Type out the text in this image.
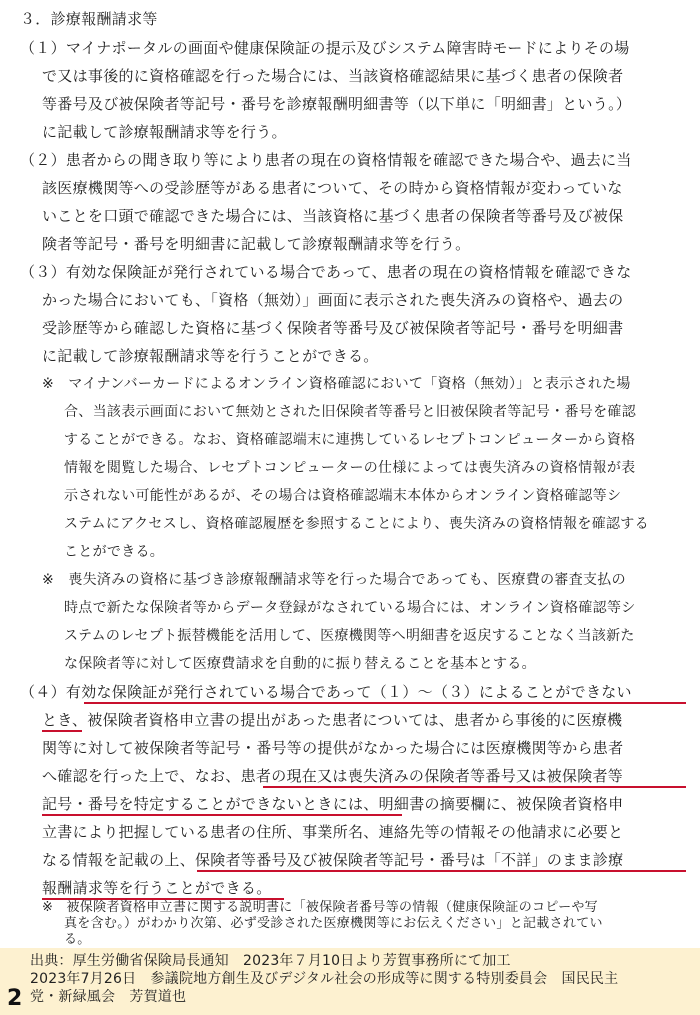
３．診療報酬請求等
（１）マイナポータルの画面や健康保険証の提示及びシステム障害時モードによりその場
で又は事後的に資格確認を行った場合には、当該資格確認結果に基づく患者の保険者
等番号及び被保険者等記号・番号を診療報酬明細書等（以下単に「明細書」という。）
に記載して診療報酬請求等を行う。
（２）患者からの聞き取り等により患者の現在の資格情報を確認できた場合や、過去に当
該医療機関等への受診歴等がある患者について、その時から資格情報が変わっていな
いことを口頭で確認できた場合には、当該資格に基づく患者の保険者等番号及び被保
険者等記号・番号を明細書に記載して診療報酬請求等を行う。
（３）有効な保険証が発行されている場合であって、患者の現在の資格情報を確認できな
かった場合においても、「資格（無効）」画面に表示された喪失済みの資格や、過去の
受診歴等から確認した資格に基づく保険者等番号及び被保険者等記号・番号を明細書
に記載して診療報酬請求等を行うことができる。
※　マイナンバーカードによるオンライン資格確認において「資格（無効）」と表示された場
合、当該表示画面において無効とされた旧保険者等番号と旧被保険者等記号・番号を確認
することができる。なお、資格確認端末に連携しているレセプトコンピューターから資格
情報を閲覧した場合、レセプトコンピューターの仕様によっては喪失済みの資格情報が表
示されない可能性があるが、その場合は資格確認端末本体からオンライン資格確認等シ
ステムにアクセスし、資格確認履歴を参照することにより、喪失済みの資格情報を確認する
ことができる。
※　喪失済みの資格に基づき診療報酬請求等を行った場合であっても、医療費の審査支払の
時点で新たな保険者等からデータ登録がなされている場合には、オンライン資格確認等シ
ステムのレセプト振替機能を活用して、医療機関等へ明細書を返戻することなく当該新た
な保険者等に対して医療費請求を自動的に振り替えることを基本とする。
（４）有効な保険証が発行されている場合であって（１）～（３）によることができない
とき、被保険者資格申立書の提出があった患者については、患者から事後的に医療機
関等に対して被保険者等記号・番号等の提供がなかった場合には医療機関等から患者
へ確認を行った上で、なお、患者の現在又は喪失済みの保険者等番号又は被保険者等
記号・番号を特定することができないときには、明細書の摘要欄に、被保険者資格申
立書により把握している患者の住所、事業所名、連絡先等の情報その他請求に必要と
なる情報を記載の上、保険者等番号及び被保険者等記号・番号は「不詳」のまま診療
報酬請求等を行うことができる。
※　被保険者資格申立書に関する説明書に「被保険者番号等の情報（健康保険証のコピーや写
真を含む。）がわかり次第、必ず受診された医療機関等にお伝えください」と記載されてい
る。
出典：厚生労働省保険局長通知　2023年７月10日より芳賀事務所にて加工
2023年7月26日　参議院地方創生及びデジタル社会の形成等に関する特別委員会　国民民主
党・新緑風会　芳賀道也
2
